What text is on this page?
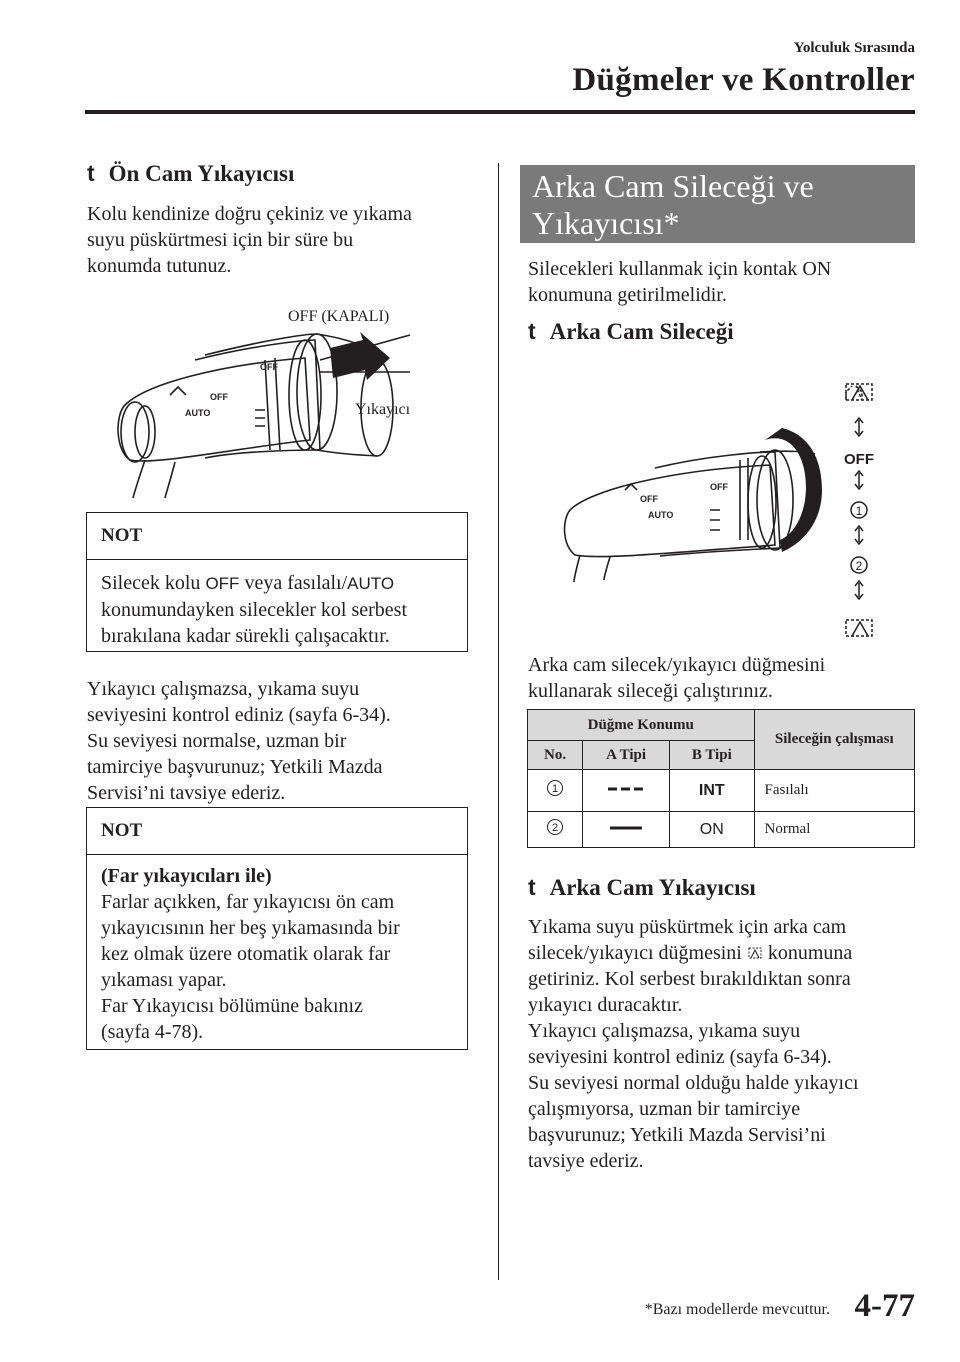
Yolculuk Sırasında
Düğmeler ve Kontroller
t Ön Cam Yıkayıcısı
Kolu kendinize doğru çekiniz ve yıkama
suyu püskürtmesi için bir süre bu
konumda tutunuz.
OFF
AUTO
OFF
OFF (KAPALI)
Yıkayıcı
NOT
Silecek kolu OFF veya fasılalı/AUTO
konumundayken silecekler kol serbest
bırakılana kadar sürekli çalışacaktır.
Yıkayıcı çalışmazsa, yıkama suyu
seviyesini kontrol ediniz (sayfa 6-34).
Su seviyesi normalse, uzman bir
tamirciye başvurunuz; Yetkili Mazda
Servisi’ni tavsiye ederiz.
NOT
(Far yıkayıcıları ile)
Farlar açıkken, far yıkayıcısı ön cam
yıkayıcısının her beş yıkamasında bir
kez olmak üzere otomatik olarak far
yıkaması yapar.
Far Yıkayıcısı bölümüne bakınız
(sayfa 4-78).
Arka Cam Sileceği ve
Yıkayıcısı*
Silecekleri kullanmak için kontak ON
konumuna getirilmelidir.
t Arka Cam Sileceği
OFF
AUTO
OFF
OFF
1
2
Arka cam silecek/yıkayıcı düğmesini
kullanarak sileceği çalıştırınız.
Düğme Konumu			Sileceğin çalışması
No.	A Tipi	B Tipi	

1		INT	Fasılalı

2		ON	Normal
t Arka Cam Yıkayıcısı
Yıkama suyu püskürtmek için arka cam
silecek/yıkayıcı düğmesini konumuna
getiriniz. Kol serbest bırakıldıktan sonra
yıkayıcı duracaktır.
Yıkayıcı çalışmazsa, yıkama suyu
seviyesini kontrol ediniz (sayfa 6-34).
Su seviyesi normal olduğu halde yıkayıcı
çalışmıyorsa, uzman bir tamirciye
başvurunuz; Yetkili Mazda Servisi’ni
tavsiye ederiz.
*Bazı modellerde mevcuttur. 4-77
